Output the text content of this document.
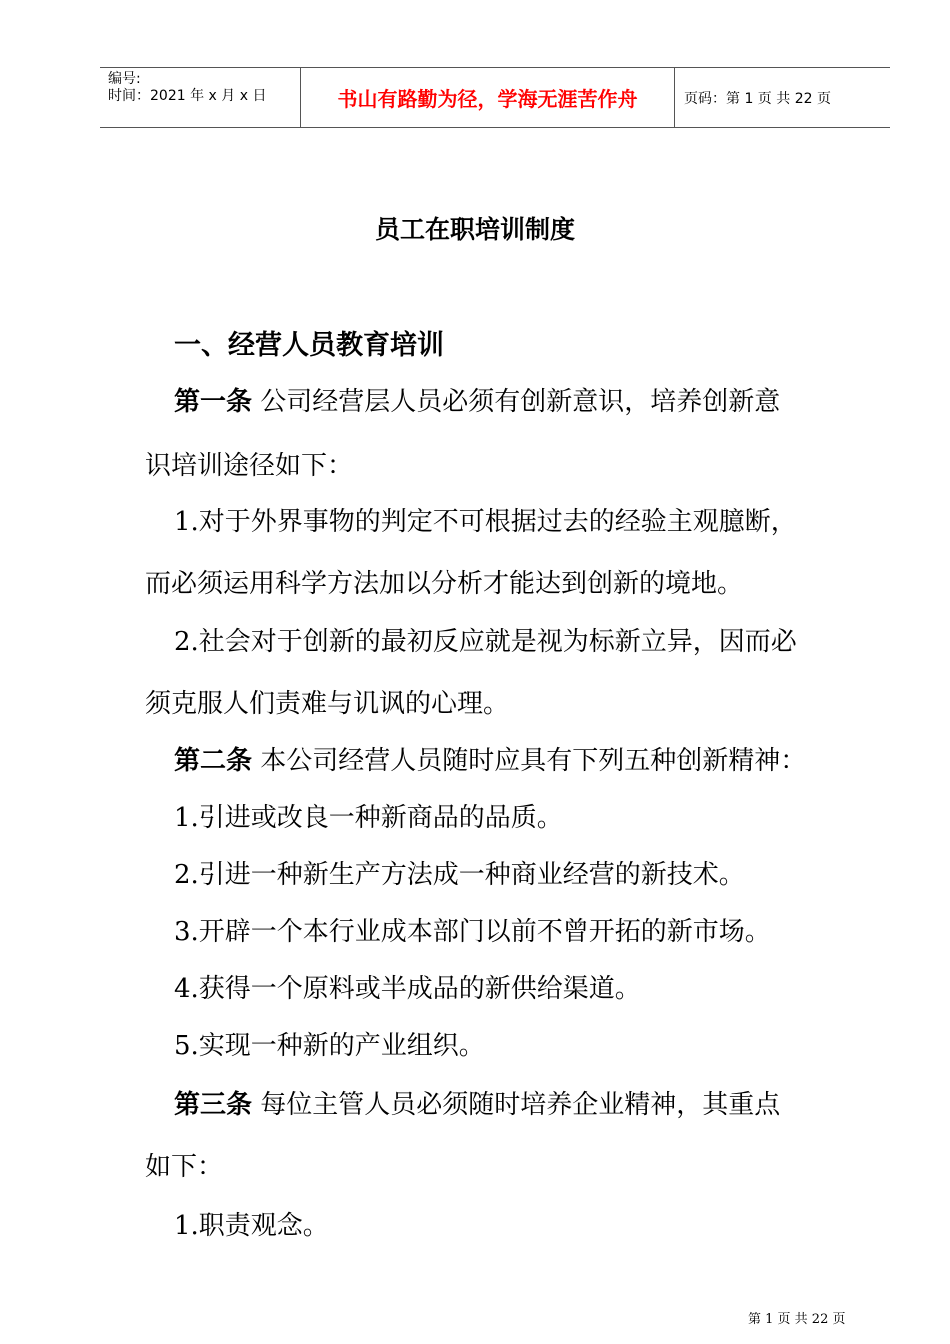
编号:
时间：2021 年 x 月 x 日	书山有路勤为径，学海无涯苦作舟	页码：第 1 页 共 22 页
员工在职培训制度
一、经营人员教育培训
第一条 公司经营层人员必须有创新意识，培养创新意
识培训途径如下：
1.对于外界事物的判定不可根据过去的经验主观臆断，
而必须运用科学方法加以分析才能达到创新的境地。
2.社会对于创新的最初反应就是视为标新立异，因而必
须克服人们责难与讥讽的心理。
第二条 本公司经营人员随时应具有下列五种创新精神：
1.引进或改良一种新商品的品质。
2.引进一种新生产方法成一种商业经营的新技术。
3.开辟一个本行业成本部门以前不曾开拓的新市场。
4.获得一个原料或半成品的新供给渠道。
5.实现一种新的产业组织。
第三条 每位主管人员必须随时培养企业精神，其重点
如下：
1.职责观念。
第 1 页 共 22 页
